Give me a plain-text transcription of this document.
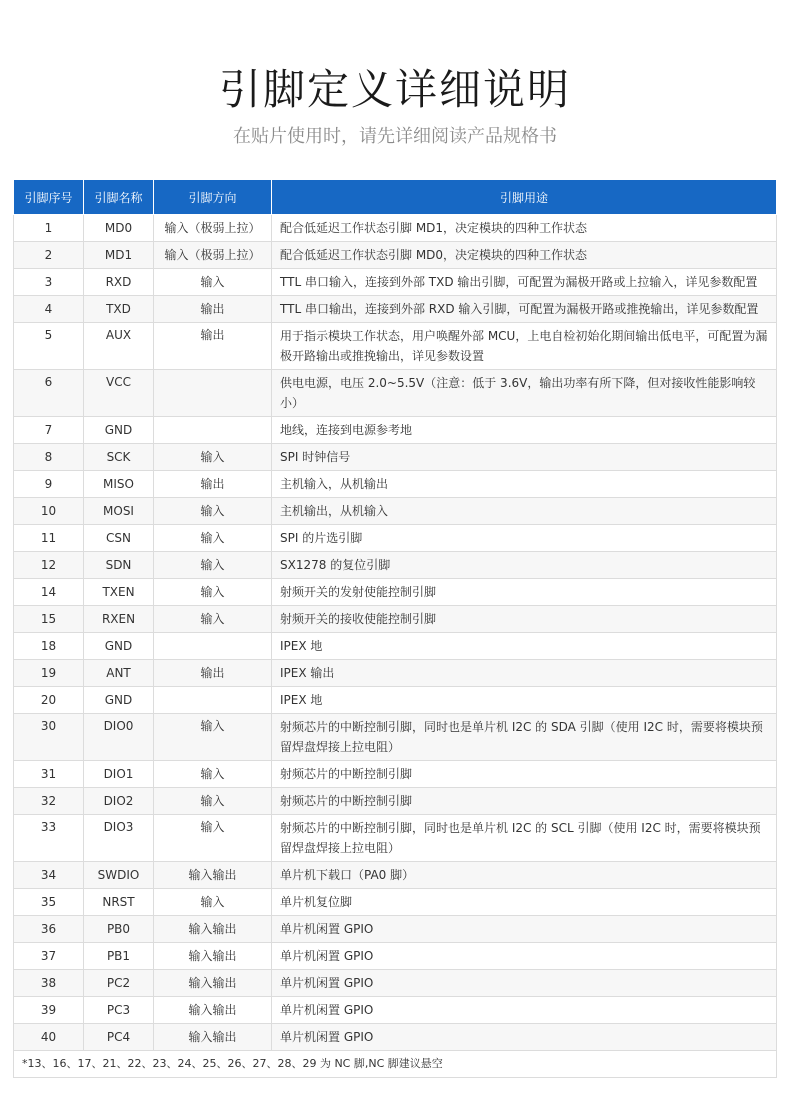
引脚定义详细说明
在贴片使用时，请先详细阅读产品规格书
引脚序号	引脚名称	引脚方向	引脚用途
1	MD0	输入（极弱上拉）	配合低延迟工作状态引脚 MD1，决定模块的四种工作状态
2	MD1	输入（极弱上拉）	配合低延迟工作状态引脚 MD0，决定模块的四种工作状态
3	RXD	输入	TTL 串口输入，连接到外部 TXD 输出引脚，可配置为漏极开路或上拉输入，详见参数配置
4	TXD	输出	TTL 串口输出，连接到外部 RXD 输入引脚，可配置为漏极开路或推挽输出，详见参数配置
5	AUX	输出	用于指示模块工作状态，用户唤醒外部 MCU，上电自检初始化期间输出低电平，可配置为漏极开路输出或推挽输出，详见参数设置
6	VCC		供电电源，电压 2.0~5.5V（注意：低于 3.6V，输出功率有所下降，但对接收性能影响较小）
7	GND		地线，连接到电源参考地
8	SCK	输入	SPI 时钟信号
9	MISO	输出	主机输入，从机输出
10	MOSI	输入	主机输出，从机输入
11	CSN	输入	SPI 的片选引脚
12	SDN	输入	SX1278 的复位引脚
14	TXEN	输入	射频开关的发射使能控制引脚
15	RXEN	输入	射频开关的接收使能控制引脚
18	GND		IPEX 地
19	ANT	输出	IPEX 输出
20	GND		IPEX 地
30	DIO0	输入	射频芯片的中断控制引脚，同时也是单片机 I2C 的 SDA 引脚（使用 I2C 时，需要将模块预留焊盘焊接上拉电阻）
31	DIO1	输入	射频芯片的中断控制引脚
32	DIO2	输入	射频芯片的中断控制引脚
33	DIO3	输入	射频芯片的中断控制引脚，同时也是单片机 I2C 的 SCL 引脚（使用 I2C 时，需要将模块预留焊盘焊接上拉电阻）
34	SWDIO	输入输出	单片机下载口（PA0 脚）
35	NRST	输入	单片机复位脚
36	PB0	输入输出	单片机闲置 GPIO
37	PB1	输入输出	单片机闲置 GPIO
38	PC2	输入输出	单片机闲置 GPIO
39	PC3	输入输出	单片机闲置 GPIO
40	PC4	输入输出	单片机闲置 GPIO
*13、16、17、21、22、23、24、25、26、27、28、29 为 NC 脚,NC 脚建议悬空			
